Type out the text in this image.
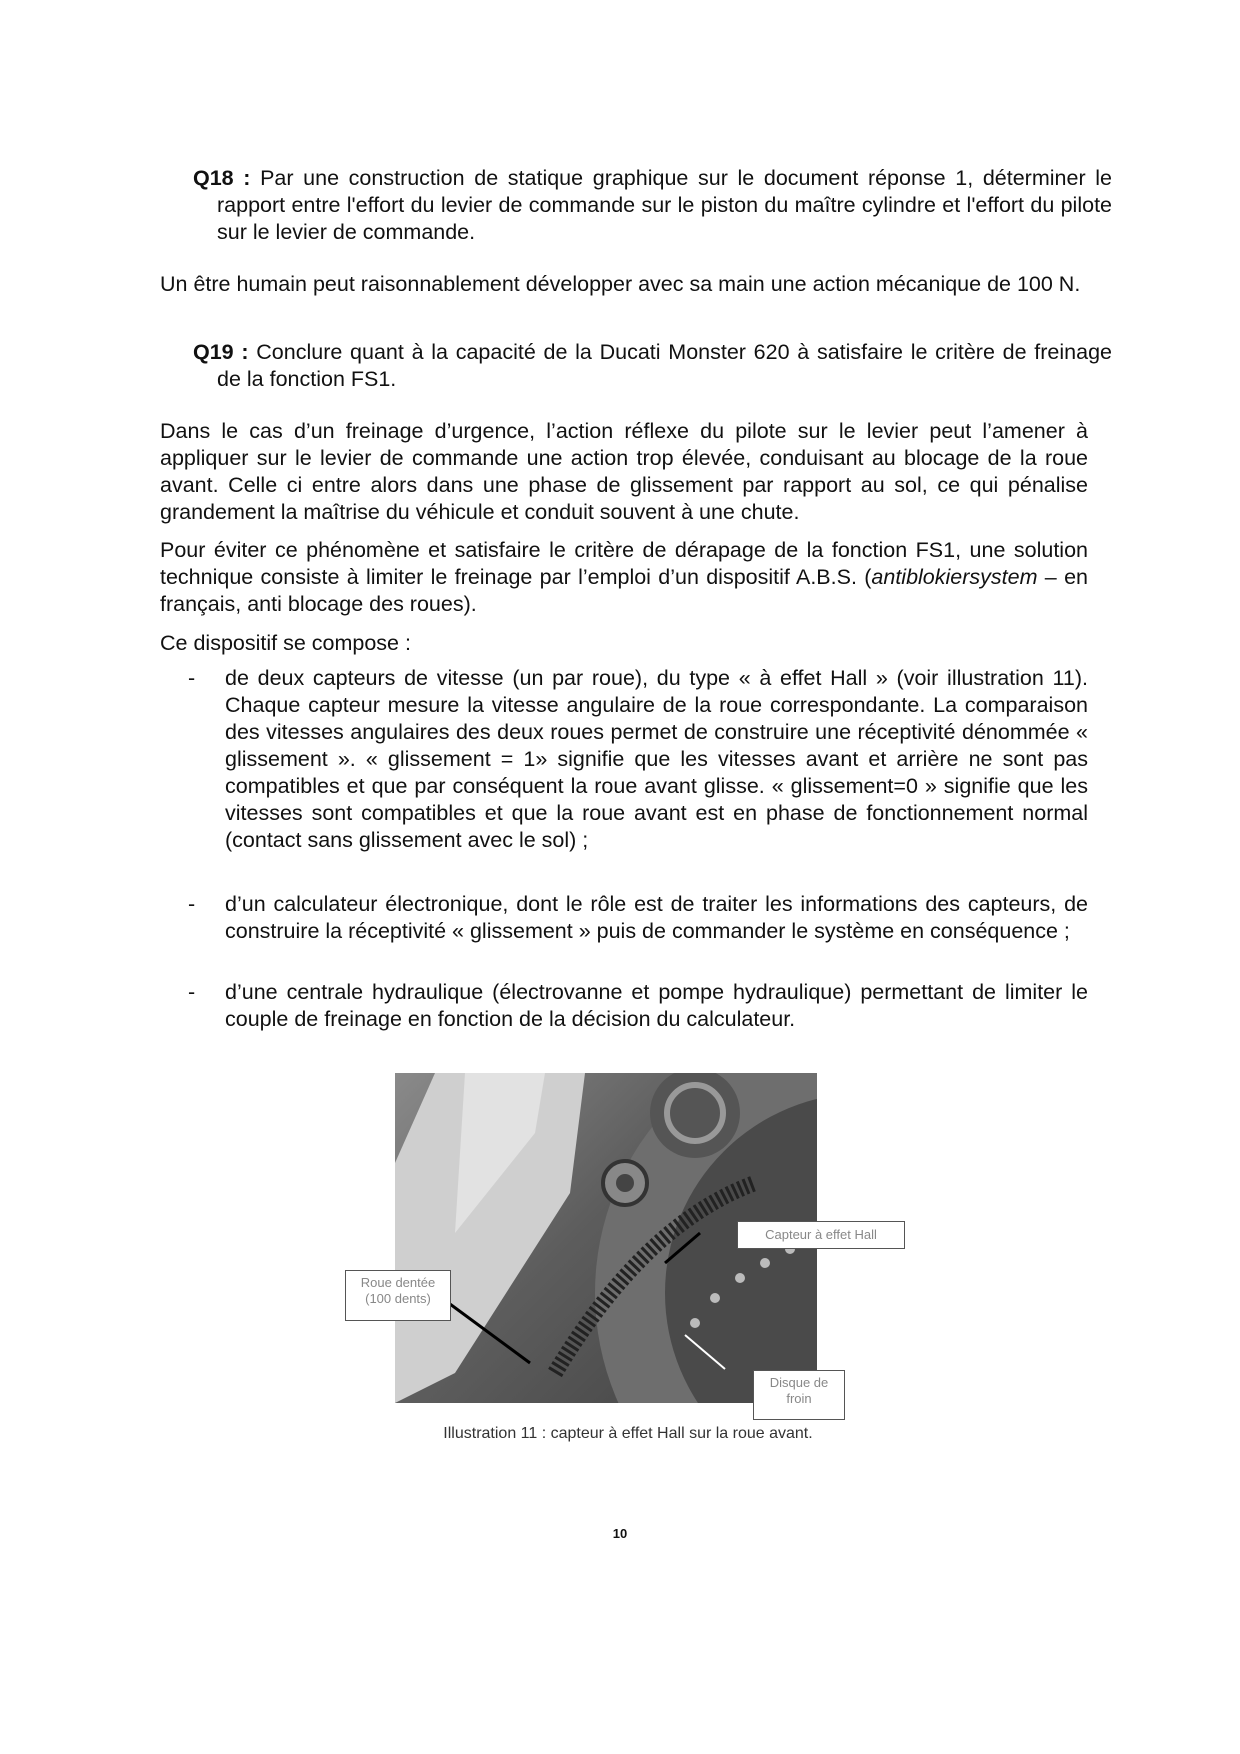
Q18 : Par une construction de statique graphique sur le document réponse 1, déterminer le rapport entre l'effort du levier de commande sur le piston du maître cylindre et l'effort du pilote sur le levier de commande.
Un être humain peut raisonnablement développer avec sa main une action mécanique de 100 N.
Q19 : Conclure quant à la capacité de la Ducati Monster 620 à satisfaire le critère de freinage de la fonction FS1.
Dans le cas d’un freinage d’urgence, l’action réflexe du pilote sur le levier peut l’amener à appliquer sur le levier de commande une action trop élevée, conduisant au blocage de la roue avant. Celle ci entre alors dans une phase de glissement par rapport au sol, ce qui pénalise grandement la maîtrise du véhicule et conduit souvent à une chute.
Pour éviter ce phénomène et satisfaire le critère de dérapage de la fonction FS1, une solution technique consiste à limiter le freinage par l’emploi d’un dispositif A.B.S. (antiblokiersystem – en français, anti blocage des roues).
Ce dispositif se compose :
- de deux capteurs de vitesse (un par roue), du type « à effet Hall » (voir illustration 11). Chaque capteur mesure la vitesse angulaire de la roue correspondante. La comparaison des vitesses angulaires des deux roues permet de construire une réceptivité dénommée « glissement ». « glissement = 1» signifie que les vitesses avant et arrière ne sont pas compatibles et que par conséquent la roue avant glisse. « glissement=0 » signifie que les vitesses sont compatibles et que la roue avant est en phase de fonctionnement normal (contact sans glissement avec le sol) ;
- d’un calculateur électronique, dont le rôle est de traiter les informations des capteurs, de construire la réceptivité « glissement » puis de commander le système en conséquence ;
- d’une centrale hydraulique (électrovanne et pompe hydraulique) permettant de limiter le couple de freinage en fonction de la décision du calculateur.
Capteur à effet Hall
Roue dentée
(100 dents)
Disque de
froin
Illustration 11 : capteur à effet Hall sur la roue avant.
10
